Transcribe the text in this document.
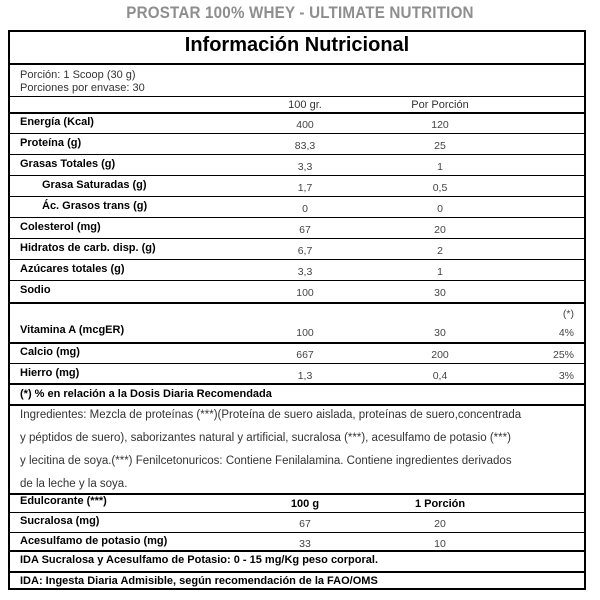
PROSTAR 100% WHEY - ULTIMATE NUTRITION
Información Nutricional
Porción: 1 Scoop (30 g)
Porciones por envase: 30
100 gr.	Por Porción
Energía (Kcal)	400	120
Proteína (g)	83,3	25
Grasas Totales (g)	3,3	1
Grasa Saturadas (g)	1,7	0,5
Ác. Grasos trans (g)	0	0
Colesterol (mg)	67	20
Hidratos de carb. disp. (g)	6,7	2
Azúcares totales (g)	3,3	1
Sodio	100	30
(*)
Vitamina A (mcgER)	100	30	4%
Calcio (mg)	667	200	25%
Hierro (mg)	1,3	0,4	3%
(*) % en relación a la Dosis Diaria Recomendada
Ingredientes: Mezcla de proteínas (***)(Proteína de suero aislada, proteínas de suero,concentrada
y péptidos de suero), saborizantes natural y artificial, sucralosa (***), acesulfamo de potasio (***)
y lecitina de soya.(***) Fenilcetonuricos: Contiene Fenilalamina. Contiene ingredientes derivados
de la leche y la soya.
Edulcorante (***)	100 g	1 Porción
Sucralosa (mg)	67	20
Acesulfamo de potasio (mg)	33	10
IDA Sucralosa y Acesulfamo de Potasio: 0 - 15 mg/Kg peso corporal.
IDA: Ingesta Diaria Admisible, según recomendación de la FAO/OMS
